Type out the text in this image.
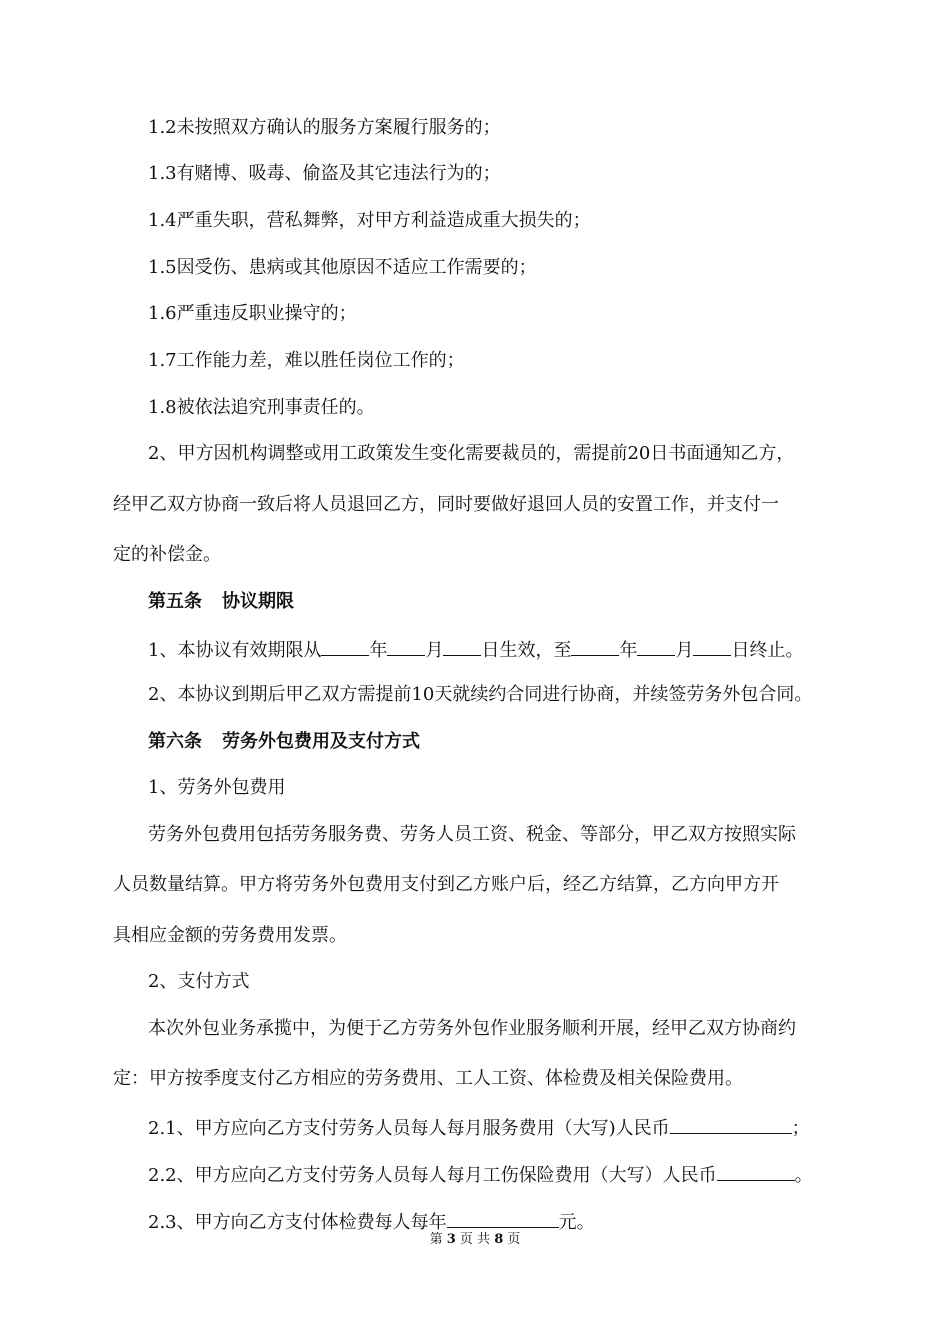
1.2未按照双方确认的服务方案履行服务的；
1.3有赌博、吸毒、偷盗及其它违法行为的；
1.4严重失职，营私舞弊，对甲方利益造成重大损失的；
1.5因受伤、患病或其他原因不适应工作需要的；
1.6严重违反职业操守的；
1.7工作能力差，难以胜任岗位工作的；
1.8被依法追究刑事责任的。
2、甲方因机构调整或用工政策发生变化需要裁员的，需提前20日书面通知乙方，
经甲乙双方协商一致后将人员退回乙方，同时要做好退回人员的安置工作，并支付一
定的补偿金。
第五条 协议期限
1、本协议有效期限从	年 月 日生效，至	年 月 日终止。
2、本协议到期后甲乙双方需提前10天就续约合同进行协商，并续签劳务外包合同。
第六条 劳务外包费用及支付方式
1、劳务外包费用
劳务外包费用包括劳务服务费、劳务人员工资、税金、等部分，甲乙双方按照实际
人员数量结算。甲方将劳务外包费用支付到乙方账户后，经乙方结算，乙方向甲方开
具相应金额的劳务费用发票。
2、支付方式
本次外包业务承揽中，为便于乙方劳务外包作业服务顺利开展，经甲乙双方协商约
定：甲方按季度支付乙方相应的劳务费用、工人工资、体检费及相关保险费用。
2.1、甲方应向乙方支付劳务人员每人每月服务费用（大写)人民币	；
2.2、甲方应向乙方支付劳务人员每人每月工伤保险费用（大写）人民币	。
2.3、甲方向乙方支付体检费每人每年	元。
第 3 页 共 8 页
